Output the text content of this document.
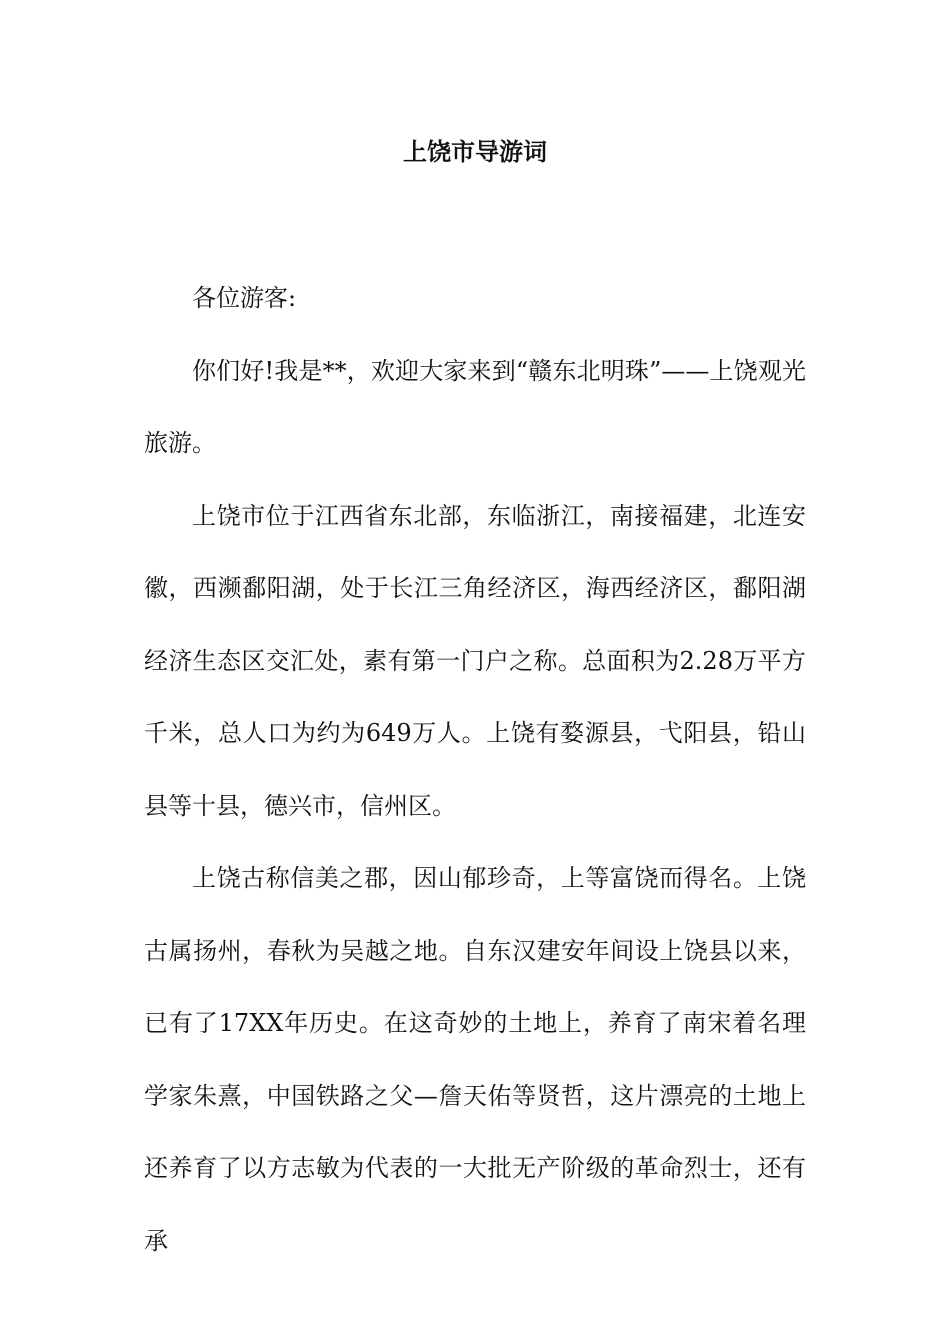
上饶市导游词

各位游客:

你们好!我是**，欢迎大家来到“赣东北明珠”——上饶观光旅游。

上饶市位于江西省东北部，东临浙江，南接福建，北连安徽，西濒鄱阳湖，处于长江三角经济区，海西经济区，鄱阳湖经济生态区交汇处，素有第一门户之称。总面积为2.28万平方千米，总人口为约为649万人。上饶有婺源县，弋阳县，铅山县等十县，德兴市，信州区。

上饶古称信美之郡，因山郁珍奇，上等富饶而得名。上饶古属扬州，春秋为吴越之地。自东汉建安年间设上饶县以来，已有了17XX年历史。在这奇妙的土地上，养育了南宋着名理学家朱熹，中国铁路之父—詹天佑等贤哲，这片漂亮的土地上还养育了以方志敏为代表的一大批无产阶级的革命烈士，还有承
